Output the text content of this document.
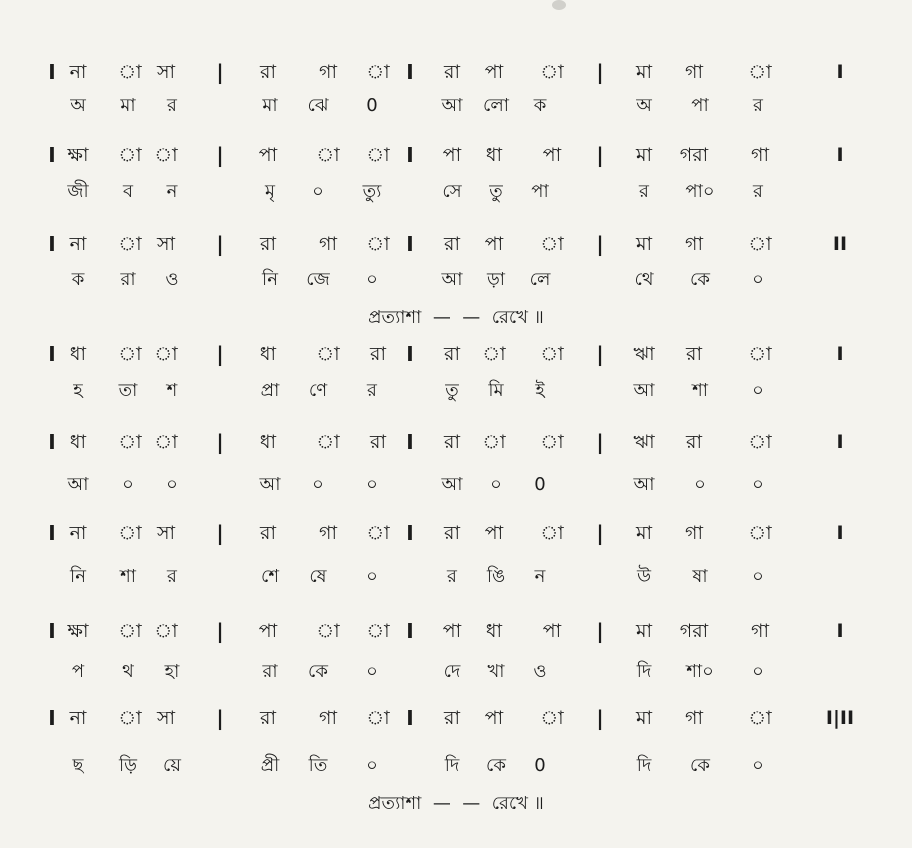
I না	া সা	|	রা	গা	া I	রা	পা	া	|	মা	গা	া	I
অ	মা	র	মা	ঝে	0	আ	লো	ক	অ	পা	র
I ক্ষা	া া	|	পা	া	া I	পা	ধা	পা	|	মা	গরা	গা	I
জী	ব	ন	মৃ	০	ত্যু	সে	তু	পা	র	পা০	র
I না	া সা	|	রা	গা	া I	রা	পা	া	|	মা	গা	া	II
ক	রা	ও	নি	জে	০	আ	ড়া	লে	থে	কে	০
I ধা	া া	|	ধা	া	রা	I	রা	া	া	|	ঋা	রা	া	I
হ	তা	শ	প্রা	ণে	র	তু	মি	ই	আ	শা	০
I ধা	া া	|	ধা	া	রা	I	রা	া	া	|	ঋা	রা	া	I
আ	০	০	আ	০	০	আ	০	0	আ	০	০
I না	া সা	|	রা	গা	া I	রা	পা	া	|	মা	গা	া	I
নি	শা	র	শে	ষে	০	র	ঙি	ন	উ	ষা	০
I ক্ষা	া া	|	পা	া	া I	পা	ধা	পা	|	মা	গরা	গা	I
প	থ	হা	রা	কে	০	দে	খা	ও	দি	শা০	০
I না	া সা	|	রা	গা	া I	রা	পা	া	|	মা	গা	া	I|II
ছ	ড়ি	য়ে	প্রী	তি	০	দি	কে	0	দি	কে	০
প্রত্যাশা  —  —  রেখে ॥
প্রত্যাশা  —  —  রেখে ॥
